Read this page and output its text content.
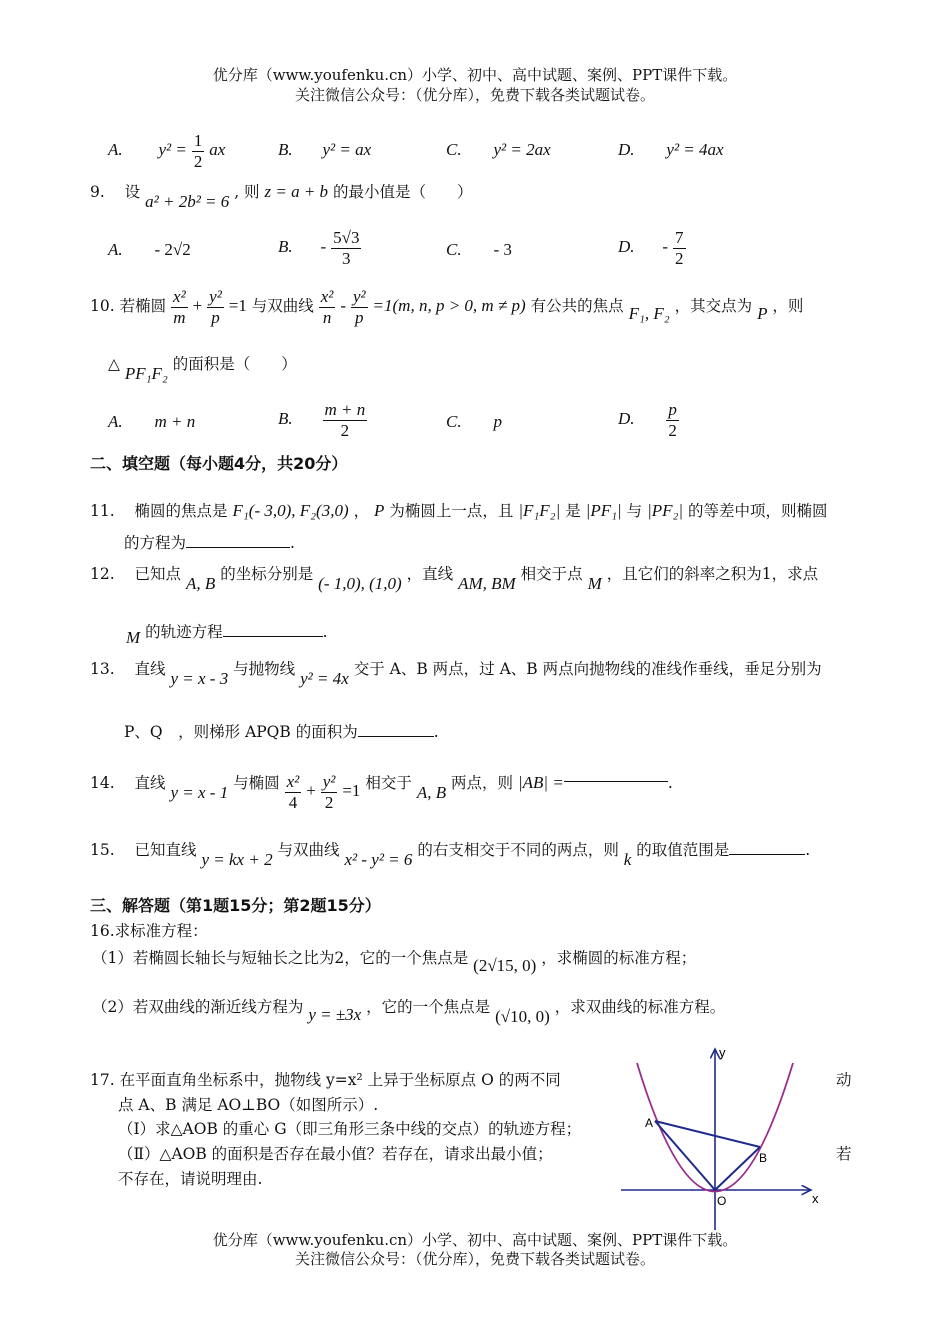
优分库（www.youfenku.cn）小学、初中、高中试题、案例、PPT课件下载。
关注微信公众号：（优分库），免费下载各类试题试卷。
A. $y^2 = \frac{1}{2}$ ax	B. y² = ax	C. y² = 2ax	D. y² = 4ax
9. 设 a² + 2b² = 6 , 则 z = a + b 的最小值是（　　）
A. - 2√2	B. - $\frac{5√3}{3}$	C. - 3	D. - $\frac{7}{2}$
10. 若椭圆 $\frac{\text{x²}}{m} + \frac{\text{y²}}{p} =1$ 与双曲线 $\frac{\text{x²}}{n} - \frac{\text{y²}}{p} =1(m$, n, p > 0, m ≠ p) 有公共的焦点 F₁, F₂ ，其交点为 P ，则
△ PF₁F₂ 的面积是（　　）
A. m + n	B. $\frac{m + n}{2}$	C. p	D. $\frac{p}{2}$
二、填空题（每小题4分，共20分）
11. 椭圆的焦点是 F₁(- 3,0), F₂(3,0) ， P 为椭圆上一点，且 |F₁F₂| 是 |PF₁| 与 |PF₂| 的等差中项，则椭圆
的方程为	.
12. 已知点 A, B 的坐标分别是 (- 1,0), (1,0) ，直线 AM, BM 相交于点 M ，且它们的斜率之积为1，求点
M 的轨迹方程	.
13. 直线 y = x - 3 与抛物线 y² = 4x 交于 A、B 两点，过 A、B 两点向抛物线的准线作垂线，垂足分别为
P、Q　，则梯形 APQB 的面积为	.
14. 直线 y = x - 1 与椭圆 $\frac{\text{x²}}{4} + \frac{\text{y²}}{2} =1$ 相交于 A, B 两点，则 |AB| =	.
15. 已知直线 y = kx + 2 与双曲线 x² - y² = 6 的右支相交于不同的两点，则 k 的取值范围是	.
三、解答题（第1题15分；第2题15分）
16.求标准方程：
（1）若椭圆长轴长与短轴长之比为2，它的一个焦点是 (2√15, 0) ，求椭圆的标准方程；
（2）若双曲线的渐近线方程为 y = ±3x ，它的一个焦点是 (√10, 0) ，求双曲线的标准方程。
17. 在平面直角坐标系中，抛物线 y=x² 上异于坐标原点 O 的两不同	动
点 A、B 满足 AO⊥BO（如图所示）.
（Ⅰ）求△AOB 的重心 G（即三角形三条中线的交点）的轨迹方程；
（Ⅱ）△AOB 的面积是否存在最小值？若存在，请求出最小值；	若
不存在，请说明理由.
y
x
A
B
O
优分库（www.youfenku.cn）小学、初中、高中试题、案例、PPT课件下载。
关注微信公众号：（优分库），免费下载各类试题试卷。
